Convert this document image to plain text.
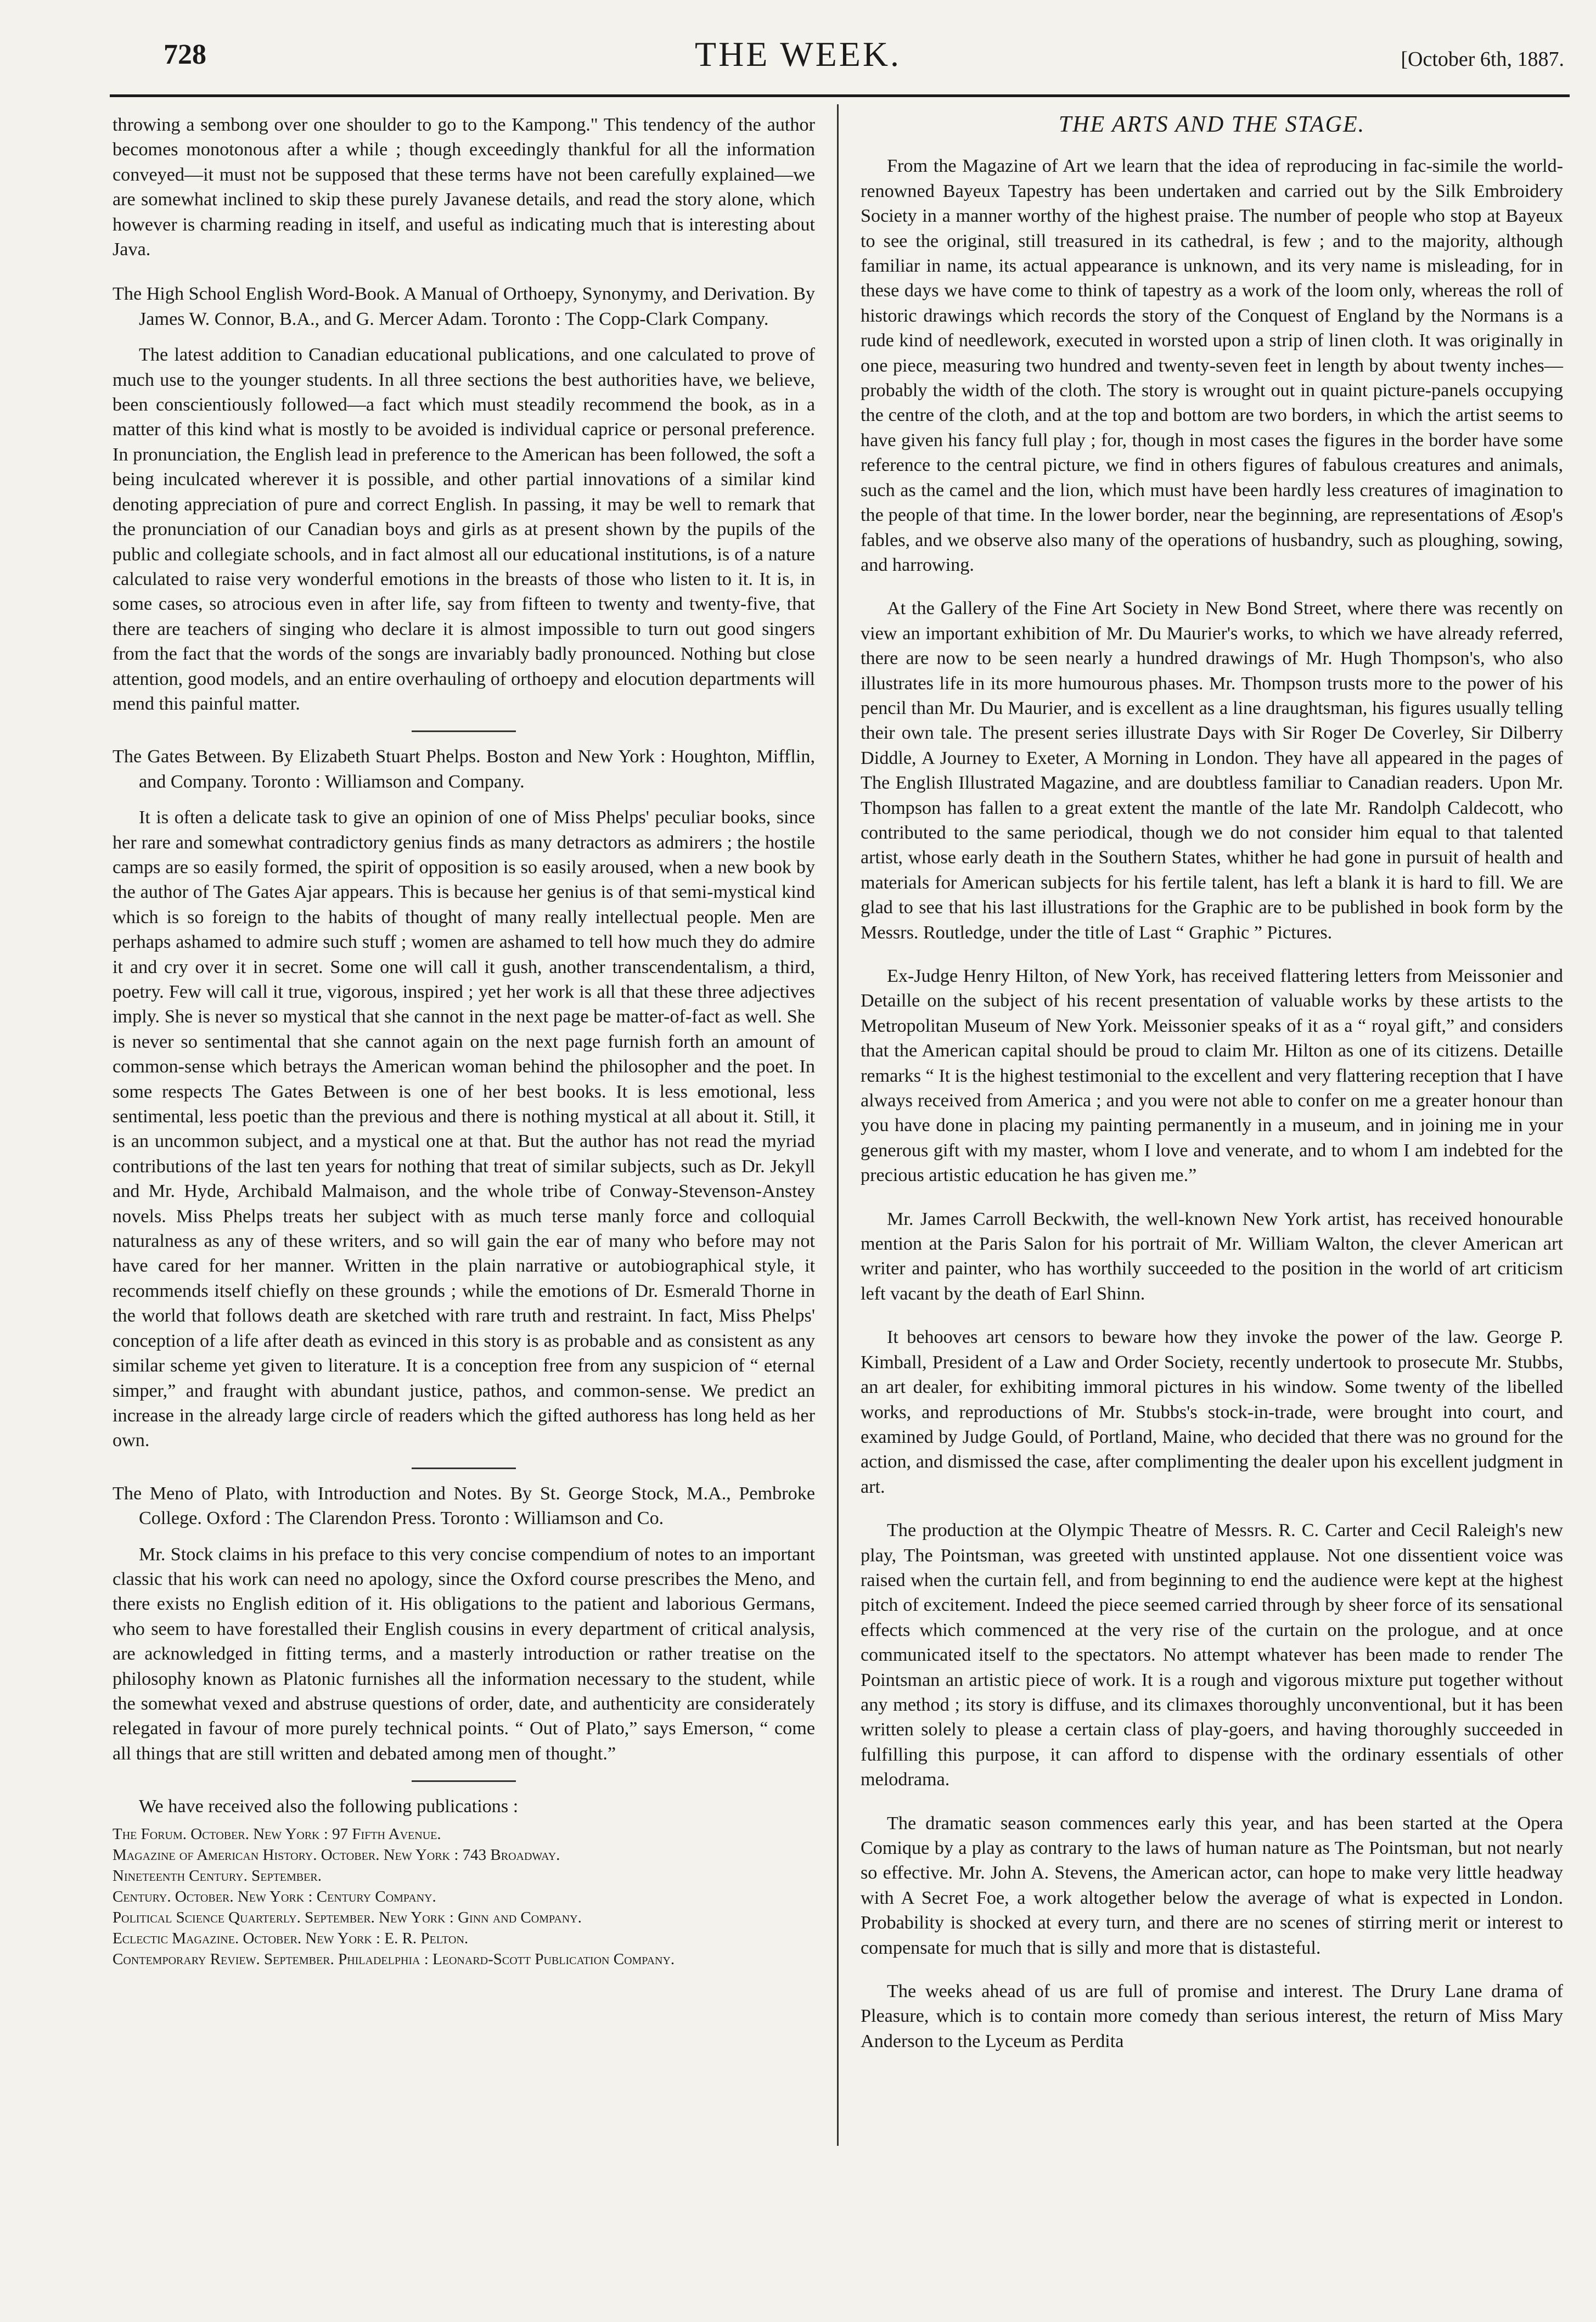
728	THE WEEK.	[October 6th, 1887.

throwing a sembong over one shoulder to go to the Kampong." This tendency of the author becomes monotonous after a while ; though exceedingly thankful for all the information conveyed—it must not be supposed that these terms have not been carefully explained—we are somewhat inclined to skip these purely Javanese details, and read the story alone, which however is charming reading in itself, and useful as indicating much that is interesting about Java.

The High School English Word-Book. A Manual of Orthoepy, Synonymy, and Derivation. By James W. Connor, B.A., and G. Mercer Adam. Toronto : The Copp-Clark Company.

The latest addition to Canadian educational publications, and one calculated to prove of much use to the younger students. In all three sections the best authorities have, we believe, been conscientiously followed—a fact which must steadily recommend the book, as in a matter of this kind what is mostly to be avoided is individual caprice or personal preference. In pronunciation, the English lead in preference to the American has been followed, the soft a being inculcated wherever it is possible, and other partial innovations of a similar kind denoting appreciation of pure and correct English. In passing, it may be well to remark that the pronunciation of our Canadian boys and girls as at present shown by the pupils of the public and collegiate schools, and in fact almost all our educational institutions, is of a nature calculated to raise very wonderful emotions in the breasts of those who listen to it. It is, in some cases, so atrocious even in after life, say from fifteen to twenty and twenty-five, that there are teachers of singing who declare it is almost impossible to turn out good singers from the fact that the words of the songs are invariably badly pronounced. Nothing but close attention, good models, and an entire overhauling of orthoepy and elocution departments will mend this painful matter.

The Gates Between. By Elizabeth Stuart Phelps. Boston and New York : Houghton, Mifflin, and Company. Toronto : Williamson and Company.

It is often a delicate task to give an opinion of one of Miss Phelps' peculiar books, since her rare and somewhat contradictory genius finds as many detractors as admirers ; the hostile camps are so easily formed, the spirit of opposition is so easily aroused, when a new book by the author of The Gates Ajar appears. This is because her genius is of that semi-mystical kind which is so foreign to the habits of thought of many really intellectual people. Men are perhaps ashamed to admire such stuff ; women are ashamed to tell how much they do admire it and cry over it in secret. Some one will call it gush, another transcendentalism, a third, poetry. Few will call it true, vigorous, inspired ; yet her work is all that these three adjectives imply. She is never so mystical that she cannot in the next page be matter-of-fact as well. She is never so sentimental that she cannot again on the next page furnish forth an amount of common-sense which betrays the American woman behind the philosopher and the poet. In some respects The Gates Between is one of her best books. It is less emotional, less sentimental, less poetic than the previous and there is nothing mystical at all about it. Still, it is an uncommon subject, and a mystical one at that. But the author has not read the myriad contributions of the last ten years for nothing that treat of similar subjects, such as Dr. Jekyll and Mr. Hyde, Archibald Malmaison, and the whole tribe of Conway-Stevenson-Anstey novels. Miss Phelps treats her subject with as much terse manly force and colloquial naturalness as any of these writers, and so will gain the ear of many who before may not have cared for her manner. Written in the plain narrative or autobiographical style, it recommends itself chiefly on these grounds ; while the emotions of Dr. Esmerald Thorne in the world that follows death are sketched with rare truth and restraint. In fact, Miss Phelps' conception of a life after death as evinced in this story is as probable and as consistent as any similar scheme yet given to literature. It is a conception free from any suspicion of “ eternal simper,” and fraught with abundant justice, pathos, and common-sense. We predict an increase in the already large circle of readers which the gifted authoress has long held as her own.

The Meno of Plato, with Introduction and Notes. By St. George Stock, M.A., Pembroke College. Oxford : The Clarendon Press. Toronto : Williamson and Co.

Mr. Stock claims in his preface to this very concise compendium of notes to an important classic that his work can need no apology, since the Oxford course prescribes the Meno, and there exists no English edition of it. His obligations to the patient and laborious Germans, who seem to have forestalled their English cousins in every department of critical analysis, are acknowledged in fitting terms, and a masterly introduction or rather treatise on the philosophy known as Platonic furnishes all the information necessary to the student, while the somewhat vexed and abstruse questions of order, date, and authenticity are considerately relegated in favour of more purely technical points. “ Out of Plato,” says Emerson, “ come all things that are still written and debated among men of thought.”

We have received also the following publications :

The Forum. October. New York : 97 Fifth Avenue.
Magazine of American History. October. New York : 743 Broadway.
Nineteenth Century. September.
Century. October. New York : Century Company.
Political Science Quarterly. September. New York : Ginn and Company.
Eclectic Magazine. October. New York : E. R. Pelton.
Contemporary Review. September. Philadelphia : Leonard-Scott Publication Company.
THE ARTS AND THE STAGE.

From the Magazine of Art we learn that the idea of reproducing in fac-simile the world-renowned Bayeux Tapestry has been undertaken and carried out by the Silk Embroidery Society in a manner worthy of the highest praise. The number of people who stop at Bayeux to see the original, still treasured in its cathedral, is few ; and to the majority, although familiar in name, its actual appearance is unknown, and its very name is misleading, for in these days we have come to think of tapestry as a work of the loom only, whereas the roll of historic drawings which records the story of the Conquest of England by the Normans is a rude kind of needlework, executed in worsted upon a strip of linen cloth. It was originally in one piece, measuring two hundred and twenty-seven feet in length by about twenty inches—probably the width of the cloth. The story is wrought out in quaint picture-panels occupying the centre of the cloth, and at the top and bottom are two borders, in which the artist seems to have given his fancy full play ; for, though in most cases the figures in the border have some reference to the central picture, we find in others figures of fabulous creatures and animals, such as the camel and the lion, which must have been hardly less creatures of imagination to the people of that time. In the lower border, near the beginning, are representations of Æsop's fables, and we observe also many of the operations of husbandry, such as ploughing, sowing, and harrowing.

At the Gallery of the Fine Art Society in New Bond Street, where there was recently on view an important exhibition of Mr. Du Maurier's works, to which we have already referred, there are now to be seen nearly a hundred drawings of Mr. Hugh Thompson's, who also illustrates life in its more humourous phases. Mr. Thompson trusts more to the power of his pencil than Mr. Du Maurier, and is excellent as a line draughtsman, his figures usually telling their own tale. The present series illustrate Days with Sir Roger De Coverley, Sir Dilberry Diddle, A Journey to Exeter, A Morning in London. They have all appeared in the pages of The English Illustrated Magazine, and are doubtless familiar to Canadian readers. Upon Mr. Thompson has fallen to a great extent the mantle of the late Mr. Randolph Caldecott, who contributed to the same periodical, though we do not consider him equal to that talented artist, whose early death in the Southern States, whither he had gone in pursuit of health and materials for American subjects for his fertile talent, has left a blank it is hard to fill. We are glad to see that his last illustrations for the Graphic are to be published in book form by the Messrs. Routledge, under the title of Last “ Graphic ” Pictures.

Ex-Judge Henry Hilton, of New York, has received flattering letters from Meissonier and Detaille on the subject of his recent presentation of valuable works by these artists to the Metropolitan Museum of New York. Meissonier speaks of it as a “ royal gift,” and considers that the American capital should be proud to claim Mr. Hilton as one of its citizens. Detaille remarks “ It is the highest testimonial to the excellent and very flattering reception that I have always received from America ; and you were not able to confer on me a greater honour than you have done in placing my painting permanently in a museum, and in joining me in your generous gift with my master, whom I love and venerate, and to whom I am indebted for the precious artistic education he has given me.”

Mr. James Carroll Beckwith, the well-known New York artist, has received honourable mention at the Paris Salon for his portrait of Mr. William Walton, the clever American art writer and painter, who has worthily succeeded to the position in the world of art criticism left vacant by the death of Earl Shinn.

It behooves art censors to beware how they invoke the power of the law. George P. Kimball, President of a Law and Order Society, recently undertook to prosecute Mr. Stubbs, an art dealer, for exhibiting immoral pictures in his window. Some twenty of the libelled works, and reproductions of Mr. Stubbs's stock-in-trade, were brought into court, and examined by Judge Gould, of Portland, Maine, who decided that there was no ground for the action, and dismissed the case, after complimenting the dealer upon his excellent judgment in art.

The production at the Olympic Theatre of Messrs. R. C. Carter and Cecil Raleigh's new play, The Pointsman, was greeted with unstinted applause. Not one dissentient voice was raised when the curtain fell, and from beginning to end the audience were kept at the highest pitch of excitement. Indeed the piece seemed carried through by sheer force of its sensational effects which commenced at the very rise of the curtain on the prologue, and at once communicated itself to the spectators. No attempt whatever has been made to render The Pointsman an artistic piece of work. It is a rough and vigorous mixture put together without any method ; its story is diffuse, and its climaxes thoroughly unconventional, but it has been written solely to please a certain class of play-goers, and having thoroughly succeeded in fulfilling this purpose, it can afford to dispense with the ordinary essentials of other melodrama.

The dramatic season commences early this year, and has been started at the Opera Comique by a play as contrary to the laws of human nature as The Pointsman, but not nearly so effective. Mr. John A. Stevens, the American actor, can hope to make very little headway with A Secret Foe, a work altogether below the average of what is expected in London. Probability is shocked at every turn, and there are no scenes of stirring merit or interest to compensate for much that is silly and more that is distasteful.

The weeks ahead of us are full of promise and interest. The Drury Lane drama of Pleasure, which is to contain more comedy than serious interest, the return of Miss Mary Anderson to the Lyceum as Perdita
